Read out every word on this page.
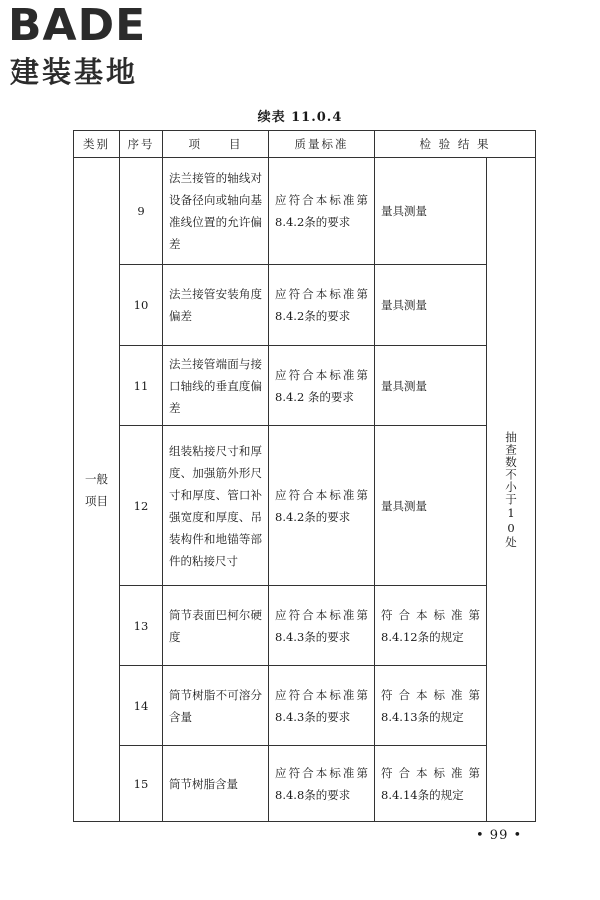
BADE
建装基地
续表 11.0.4
类别	序号	项　　目	质量标准	检 验 结 果	

一般项目	9	法兰接管的轴线对设备径向或轴向基准线位置的允许偏差	应符合本标准第8.4.2条的要求	量具测量	抽查数不小于10处

	10	法兰接管安装角度偏差	应符合本标准第8.4.2条的要求	量具测量	
	11	法兰接管端面与接口轴线的垂直度偏差	应符合本标准第 8.4.2 条的要求	量具测量	
	12	组装粘接尺寸和厚度、加强筋外形尺寸和厚度、管口补强宽度和厚度、吊装构件和地锚等部件的粘接尺寸	应符合本标准第8.4.2条的要求	量具测量	
	13	筒节表面巴柯尔硬度	应符合本标准第8.4.3条的要求	符合本标准第8.4.12条的规定	
	14	筒节树脂不可溶分含量	应符合本标准第8.4.3条的要求	符合本标准第8.4.13条的规定	
	15	筒节树脂含量	应符合本标准第8.4.8条的要求	符合本标准第8.4.14条的规定	
• 99 •
